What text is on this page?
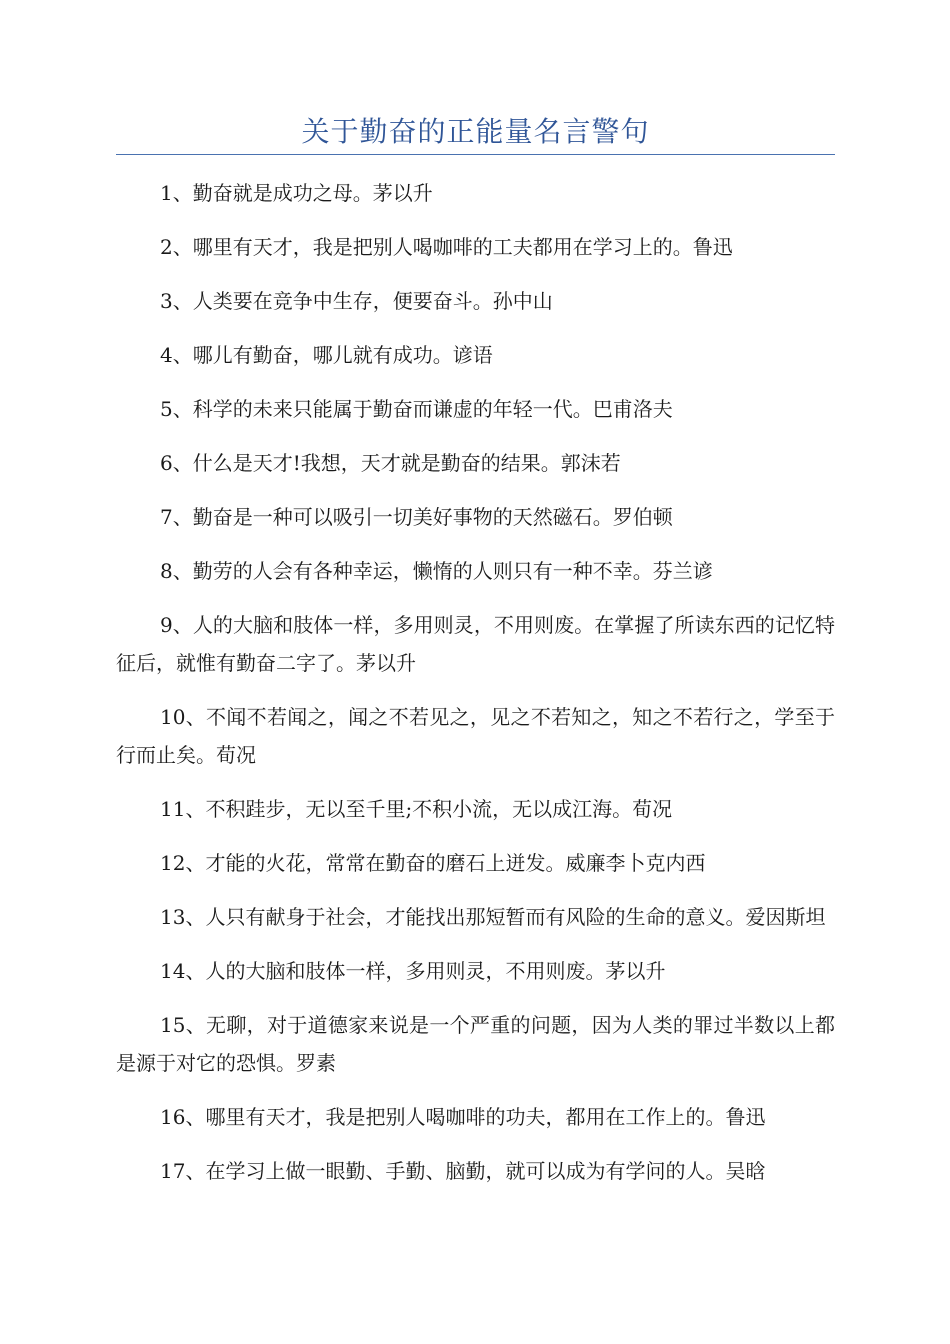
关于勤奋的正能量名言警句

1、勤奋就是成功之母。茅以升

2、哪里有天才，我是把别人喝咖啡的工夫都用在学习上的。鲁迅

3、人类要在竞争中生存，便要奋斗。孙中山

4、哪儿有勤奋，哪儿就有成功。谚语

5、科学的未来只能属于勤奋而谦虚的年轻一代。巴甫洛夫

6、什么是天才!我想，天才就是勤奋的结果。郭沫若

7、勤奋是一种可以吸引一切美好事物的天然磁石。罗伯顿

8、勤劳的人会有各种幸运，懒惰的人则只有一种不幸。芬兰谚

9、人的大脑和肢体一样，多用则灵，不用则废。在掌握了所读东西的记忆特征后，就惟有勤奋二字了。茅以升

10、不闻不若闻之，闻之不若见之，见之不若知之，知之不若行之，学至于行而止矣。荀况

11、不积跬步，无以至千里;不积小流，无以成江海。荀况

12、才能的火花，常常在勤奋的磨石上迸发。威廉李卜克内西

13、人只有献身于社会，才能找出那短暂而有风险的生命的意义。爱因斯坦

14、人的大脑和肢体一样，多用则灵，不用则废。茅以升

15、无聊，对于道德家来说是一个严重的问题，因为人类的罪过半数以上都是源于对它的恐惧。罗素

16、哪里有天才，我是把别人喝咖啡的功夫，都用在工作上的。鲁迅

17、在学习上做一眼勤、手勤、脑勤，就可以成为有学问的人。吴晗
